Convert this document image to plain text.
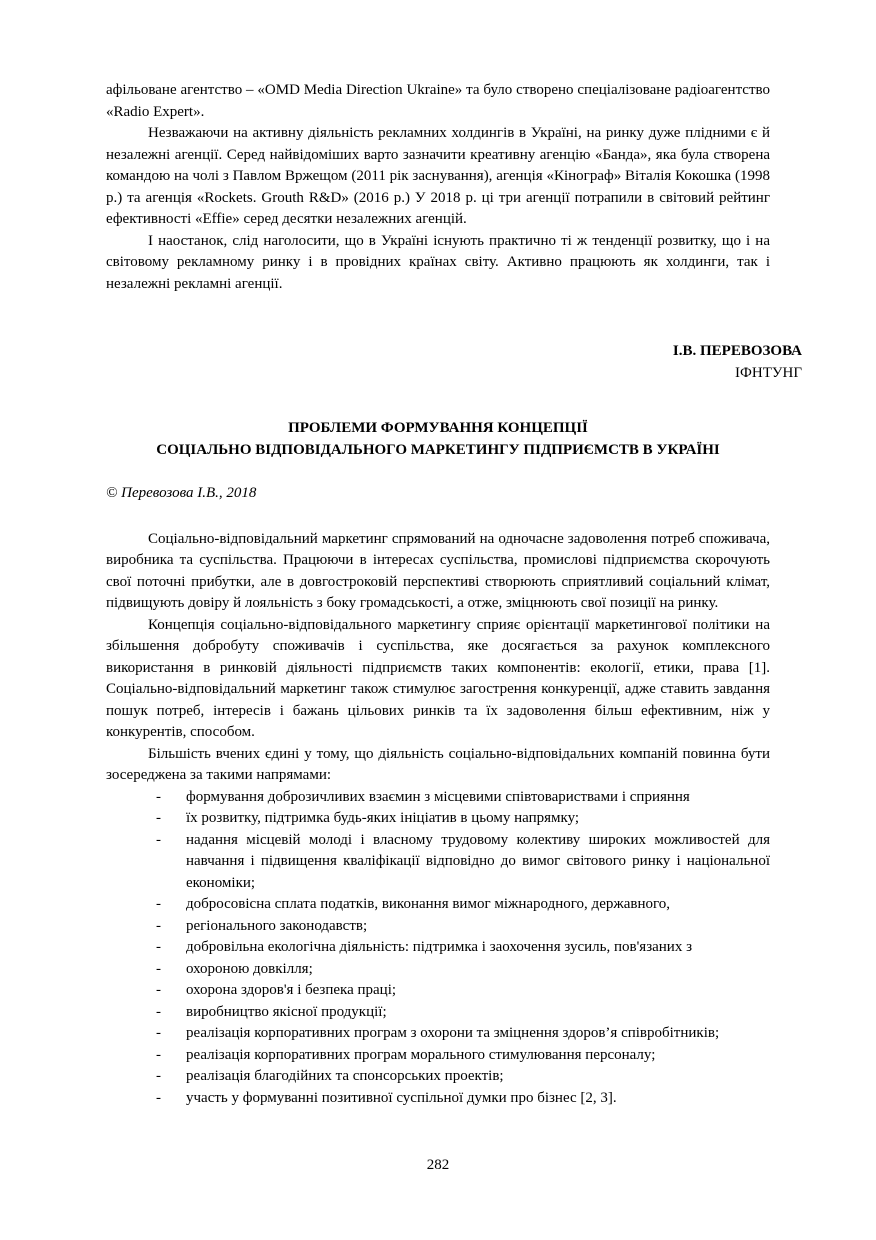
афільоване агентство – «OMD Media Direction Ukraine» та було створено спеціалізоване радіоагентство «Radio Expert».

Незважаючи на активну діяльність рекламних холдингів в Україні, на ринку дуже плідними є й незалежні агенції. Серед найвідоміших варто зазначити креативну агенцію «Банда», яка була створена командою на чолі з Павлом Вржещом (2011 рік заснування), агенція «Кінограф» Віталія Кокошка (1998 р.) та агенція «Rockets. Grouth R&D» (2016 р.) У 2018 р. ці три агенції потрапили в світовий рейтинг ефективності «Effie» серед десятки незалежних агенцій.

І наостанок, слід наголосити, що в Україні існують практично ті ж тенденції розвитку, що і на світовому рекламному ринку і в провідних країнах світу. Активно працюють як холдинги, так і незалежні рекламні агенції.

І.В. ПЕРЕВОЗОВА
ІФНТУНГ
ПРОБЛЕМИ ФОРМУВАННЯ КОНЦЕПЦІЇ
СОЦІАЛЬНО ВІДПОВІДАЛЬНОГО МАРКЕТИНГУ ПІДПРИЄМСТВ В УКРАЇНІ

© Перевозова І.В., 2018

Соціально-відповідальний маркетинг спрямований на одночасне задоволення потреб споживача, виробника та суспільства. Працюючи в інтересах суспільства, промислові підприємства скорочують свої поточні прибутки, але в довгостроковій перспективі створюють сприятливий соціальний клімат, підвищують довіру й лояльність з боку громадськості, а отже, зміцнюють свої позиції на ринку.

Концепція соціально-відповідального маркетингу сприяє орієнтації маркетингової політики на збільшення добробуту споживачів і суспільства, яке досягається за рахунок комплексного використання в ринковій діяльності підприємств таких компонентів: екології, етики, права [1]. Соціально-відповідальний маркетинг також стимулює загострення конкуренції, адже ставить завдання пошук потреб, інтересів і бажань цільових ринків та їх задоволення більш ефективним, ніж у конкурентів, способом.

Більшість вчених єдині у тому, що діяльність соціально-відповідальних компаній повинна бути зосереджена за такими напрямами:

-	формування доброзичливих взаємин з місцевими співтовариствами і сприяння
-	їх розвитку, підтримка будь-яких ініціатив в цьому напрямку;
-	надання місцевій молоді і власному трудовому колективу широких можливостей для навчання і підвищення кваліфікації відповідно до вимог світового ринку і національної економіки;
-	добросовісна сплата податків, виконання вимог міжнародного, державного,
-	регіонального законодавств;
-	добровільна екологічна діяльність: підтримка і заохочення зусиль, пов'язаних з
-	охороною довкілля;
-	охорона здоров'я і безпека праці;
-	виробництво якісної продукції;
-	реалізація корпоративних програм з охорони та зміцнення здоров’я співробітників;
-	реалізація корпоративних програм морального стимулювання персоналу;
-	реалізація благодійних та спонсорських проектів;
-	участь у формуванні позитивної суспільної думки про бізнес [2, 3].
282
